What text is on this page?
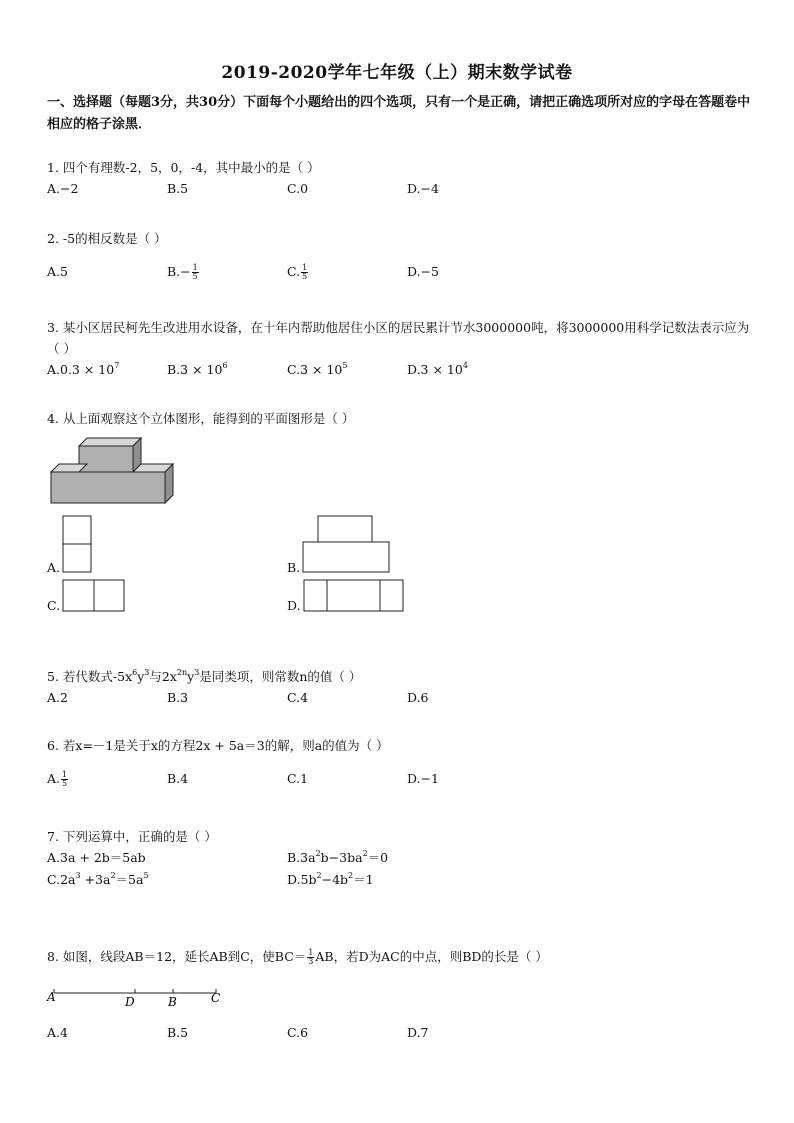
2019-2020学年七年级（上）期末数学试卷
一、选择题（每题3分，共30分）下面每个小题给出的四个选项，只有一个是正确，请把正确选项所对应的字母在答题卷中相应的格子涂黑．
1. 四个有理数-2，5，0，-4，其中最小的是（ ）
A.−2	B.5	C.0	D.−4
2. -5的相反数是（ ）
A.5	$B.- \frac{1}{5}$	C. $\frac{1}{5}$	D.−5
3. 某小区居民柯先生改进用水设备，在十年内帮助他居住小区的居民累计节水3000000吨，将3000000用科学记数法表示应为（ ）
$A.0.3 \times 10^7$	$B.3 \times 10^6$	$C.3 \times 10^5$	$D.3 \times 10^4$
4. 从上面观察这个立体图形，能得到的平面图形是（ ）
A.	B.
C.	D.
5. 若代数式$-5x^6y^3$与$2x^{2n}y^3$是同类项，则常数n的值（ ）
A.2	B.3	C.4	D.6
6. 若x=－1是关于x的方程2x + 5a＝3的解，则a的值为（ ）
A. $\frac{1}{5}$	B.4	C.1	D.−1
7. 下列运算中，正确的是（ ）
A.3a + 2b＝5ab	$B.3a^2b-3ba^2=0$
$C.2a^3 +3a^2=5a^5$	$D.5b^2-4b^2=1$
8. 如图，线段AB＝12，延长AB到C，使$BC= \frac{1}{3}$ AB，若D为AC的中点，则BD的长是（ ）
A	D	B	C
A.4	B.5	C.6	D.7
